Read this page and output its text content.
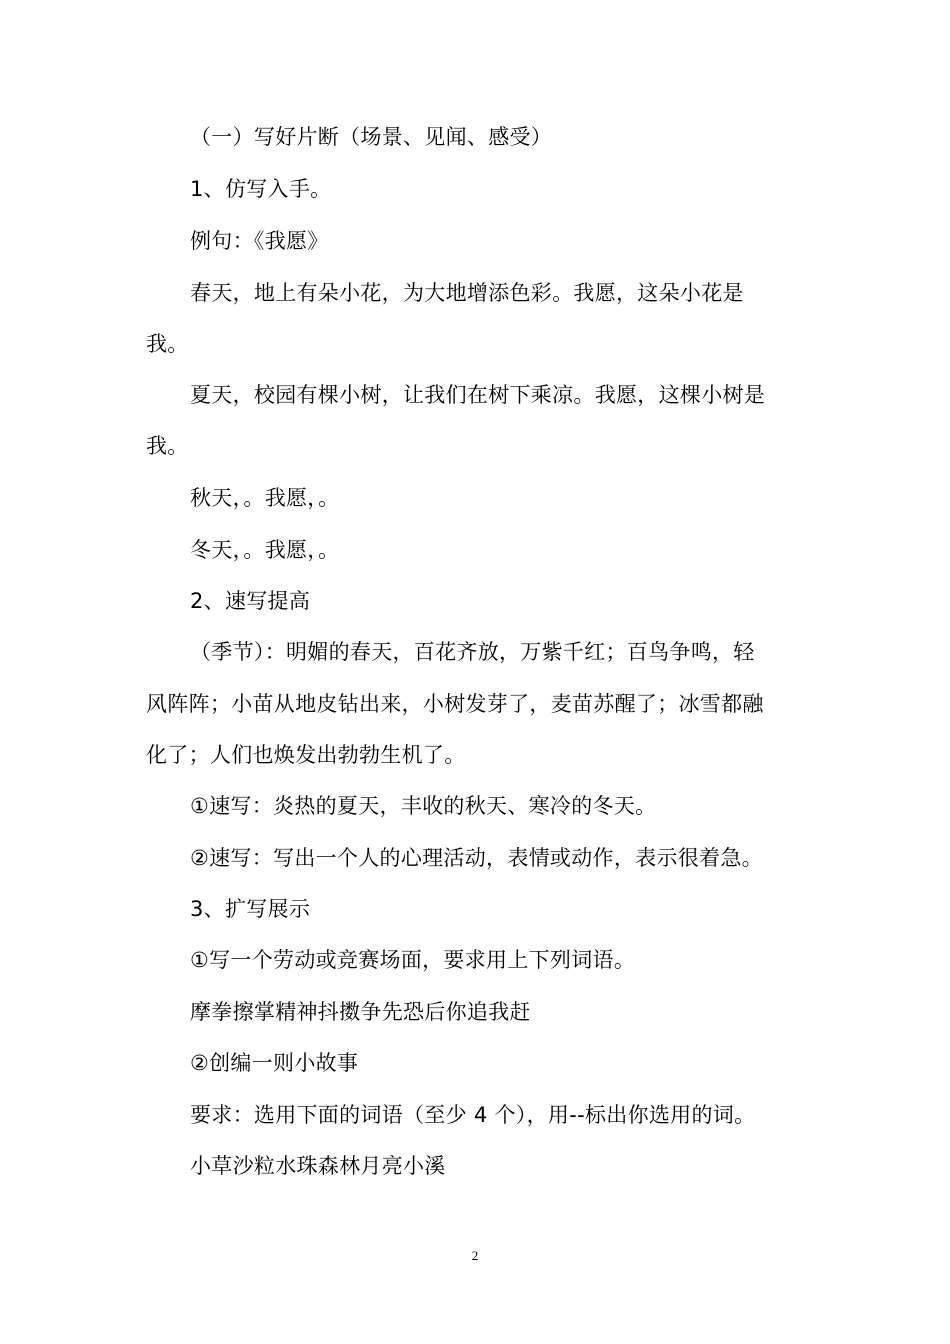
（一）写好片断（场景、见闻、感受）
1、仿写入手。
例句：《我愿》
春天，地上有朵小花，为大地增添色彩。我愿，这朵小花是
我。
夏天，校园有棵小树，让我们在树下乘凉。我愿，这棵小树是
我。
秋天，。我愿，。
冬天，。我愿，。
2、速写提高
（季节）：明媚的春天，百花齐放，万紫千红；百鸟争鸣，轻
风阵阵；小苗从地皮钻出来，小树发芽了，麦苗苏醒了；冰雪都融
化了；人们也焕发出勃勃生机了。
①速写：炎热的夏天，丰收的秋天、寒冷的冬天。
②速写：写出一个人的心理活动，表情或动作，表示很着急。
3、扩写展示
①写一个劳动或竞赛场面，要求用上下列词语。
摩拳擦掌精神抖擞争先恐后你追我赶
②创编一则小故事
要求：选用下面的词语（至少 4 个），用--标出你选用的词。
小草沙粒水珠森林月亮小溪
2
